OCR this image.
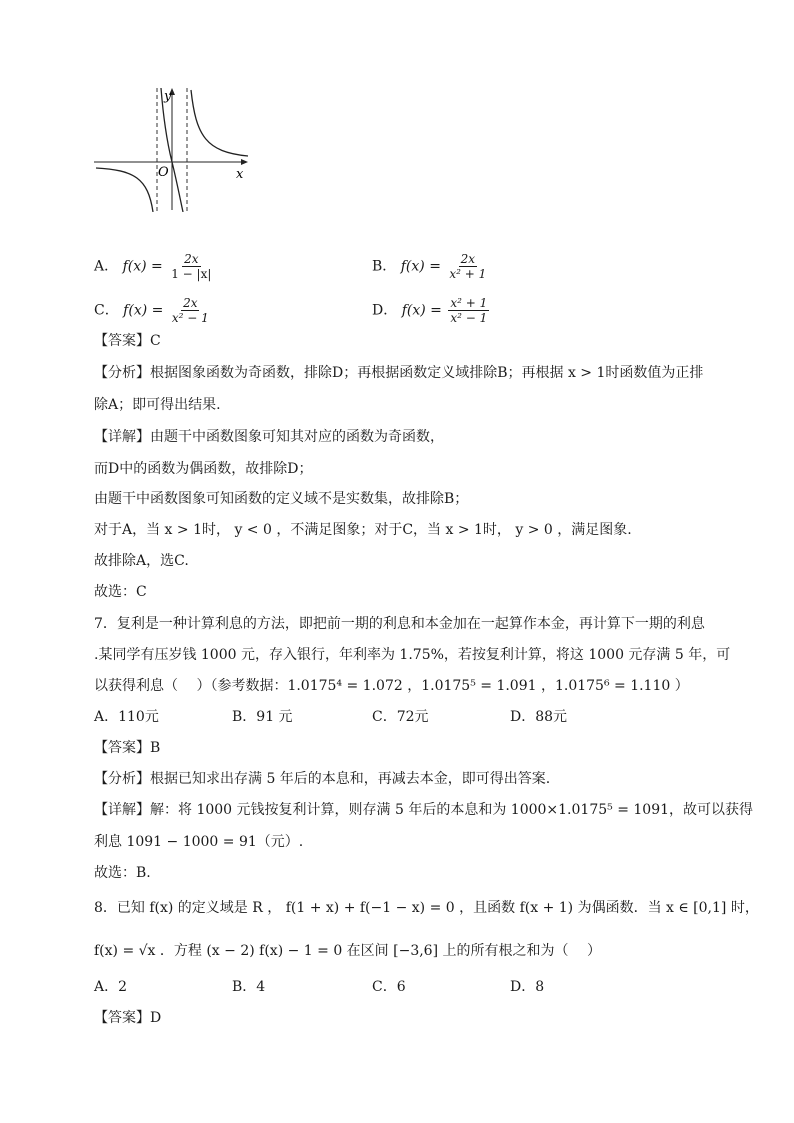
y
x
O
A． $f(x) = \frac{2x}{1 - |x|}$	B． $f(x) = \frac{2x}{\text{x² + 1}}$
C． $f(x) = \frac{2x}{\text{x² − 1}}$	D． $f(x) = \frac{\text{x² + 1}}{\text{x² − 1}}$
【答案】C
【分析】根据图象函数为奇函数，排除D；再根据函数定义域排除B；再根据 x > 1时函数值为正排
除A；即可得出结果.
【详解】由题干中函数图象可知其对应的函数为奇函数，
而D中的函数为偶函数，故排除D；
由题干中函数图象可知函数的定义域不是实数集，故排除B；
对于A，当 x > 1时， y < 0 ，不满足图象；对于C，当 x > 1时， y > 0 ，满足图象.
故排除A，选C.
故选：C
7．复利是一种计算利息的方法，即把前一期的利息和本金加在一起算作本金，再计算下一期的利息
.某同学有压岁钱 1000 元，存入银行，年利率为 1.75%，若按复利计算，将这 1000 元存满 5 年，可
以获得利息（　 ）（参考数据：1.0175⁴ = 1.072 ，1.0175⁵ = 1.091 ，1.0175⁶ = 1.110 ）
A．110元	B．91 元	C．72元	D．88元
【答案】B
【分析】根据已知求出存满 5 年后的本息和，再减去本金，即可得出答案.
【详解】解：将 1000 元钱按复利计算，则存满 5 年后的本息和为 1000×1.0175⁵ = 1091，故可以获得
利息 1091 − 1000 = 91（元）.
故选：B.
8．已知 f(x) 的定义域是 R ， f(1 + x) + f(−1 − x) = 0 ，且函数 f(x + 1) 为偶函数．当 x ∈ [0,1] 时，
f(x) = √x ．方程 (x − 2) f(x) − 1 = 0 在区间 [−3,6] 上的所有根之和为（　 ）
A．2	B．4	C．6	D．8
【答案】D
